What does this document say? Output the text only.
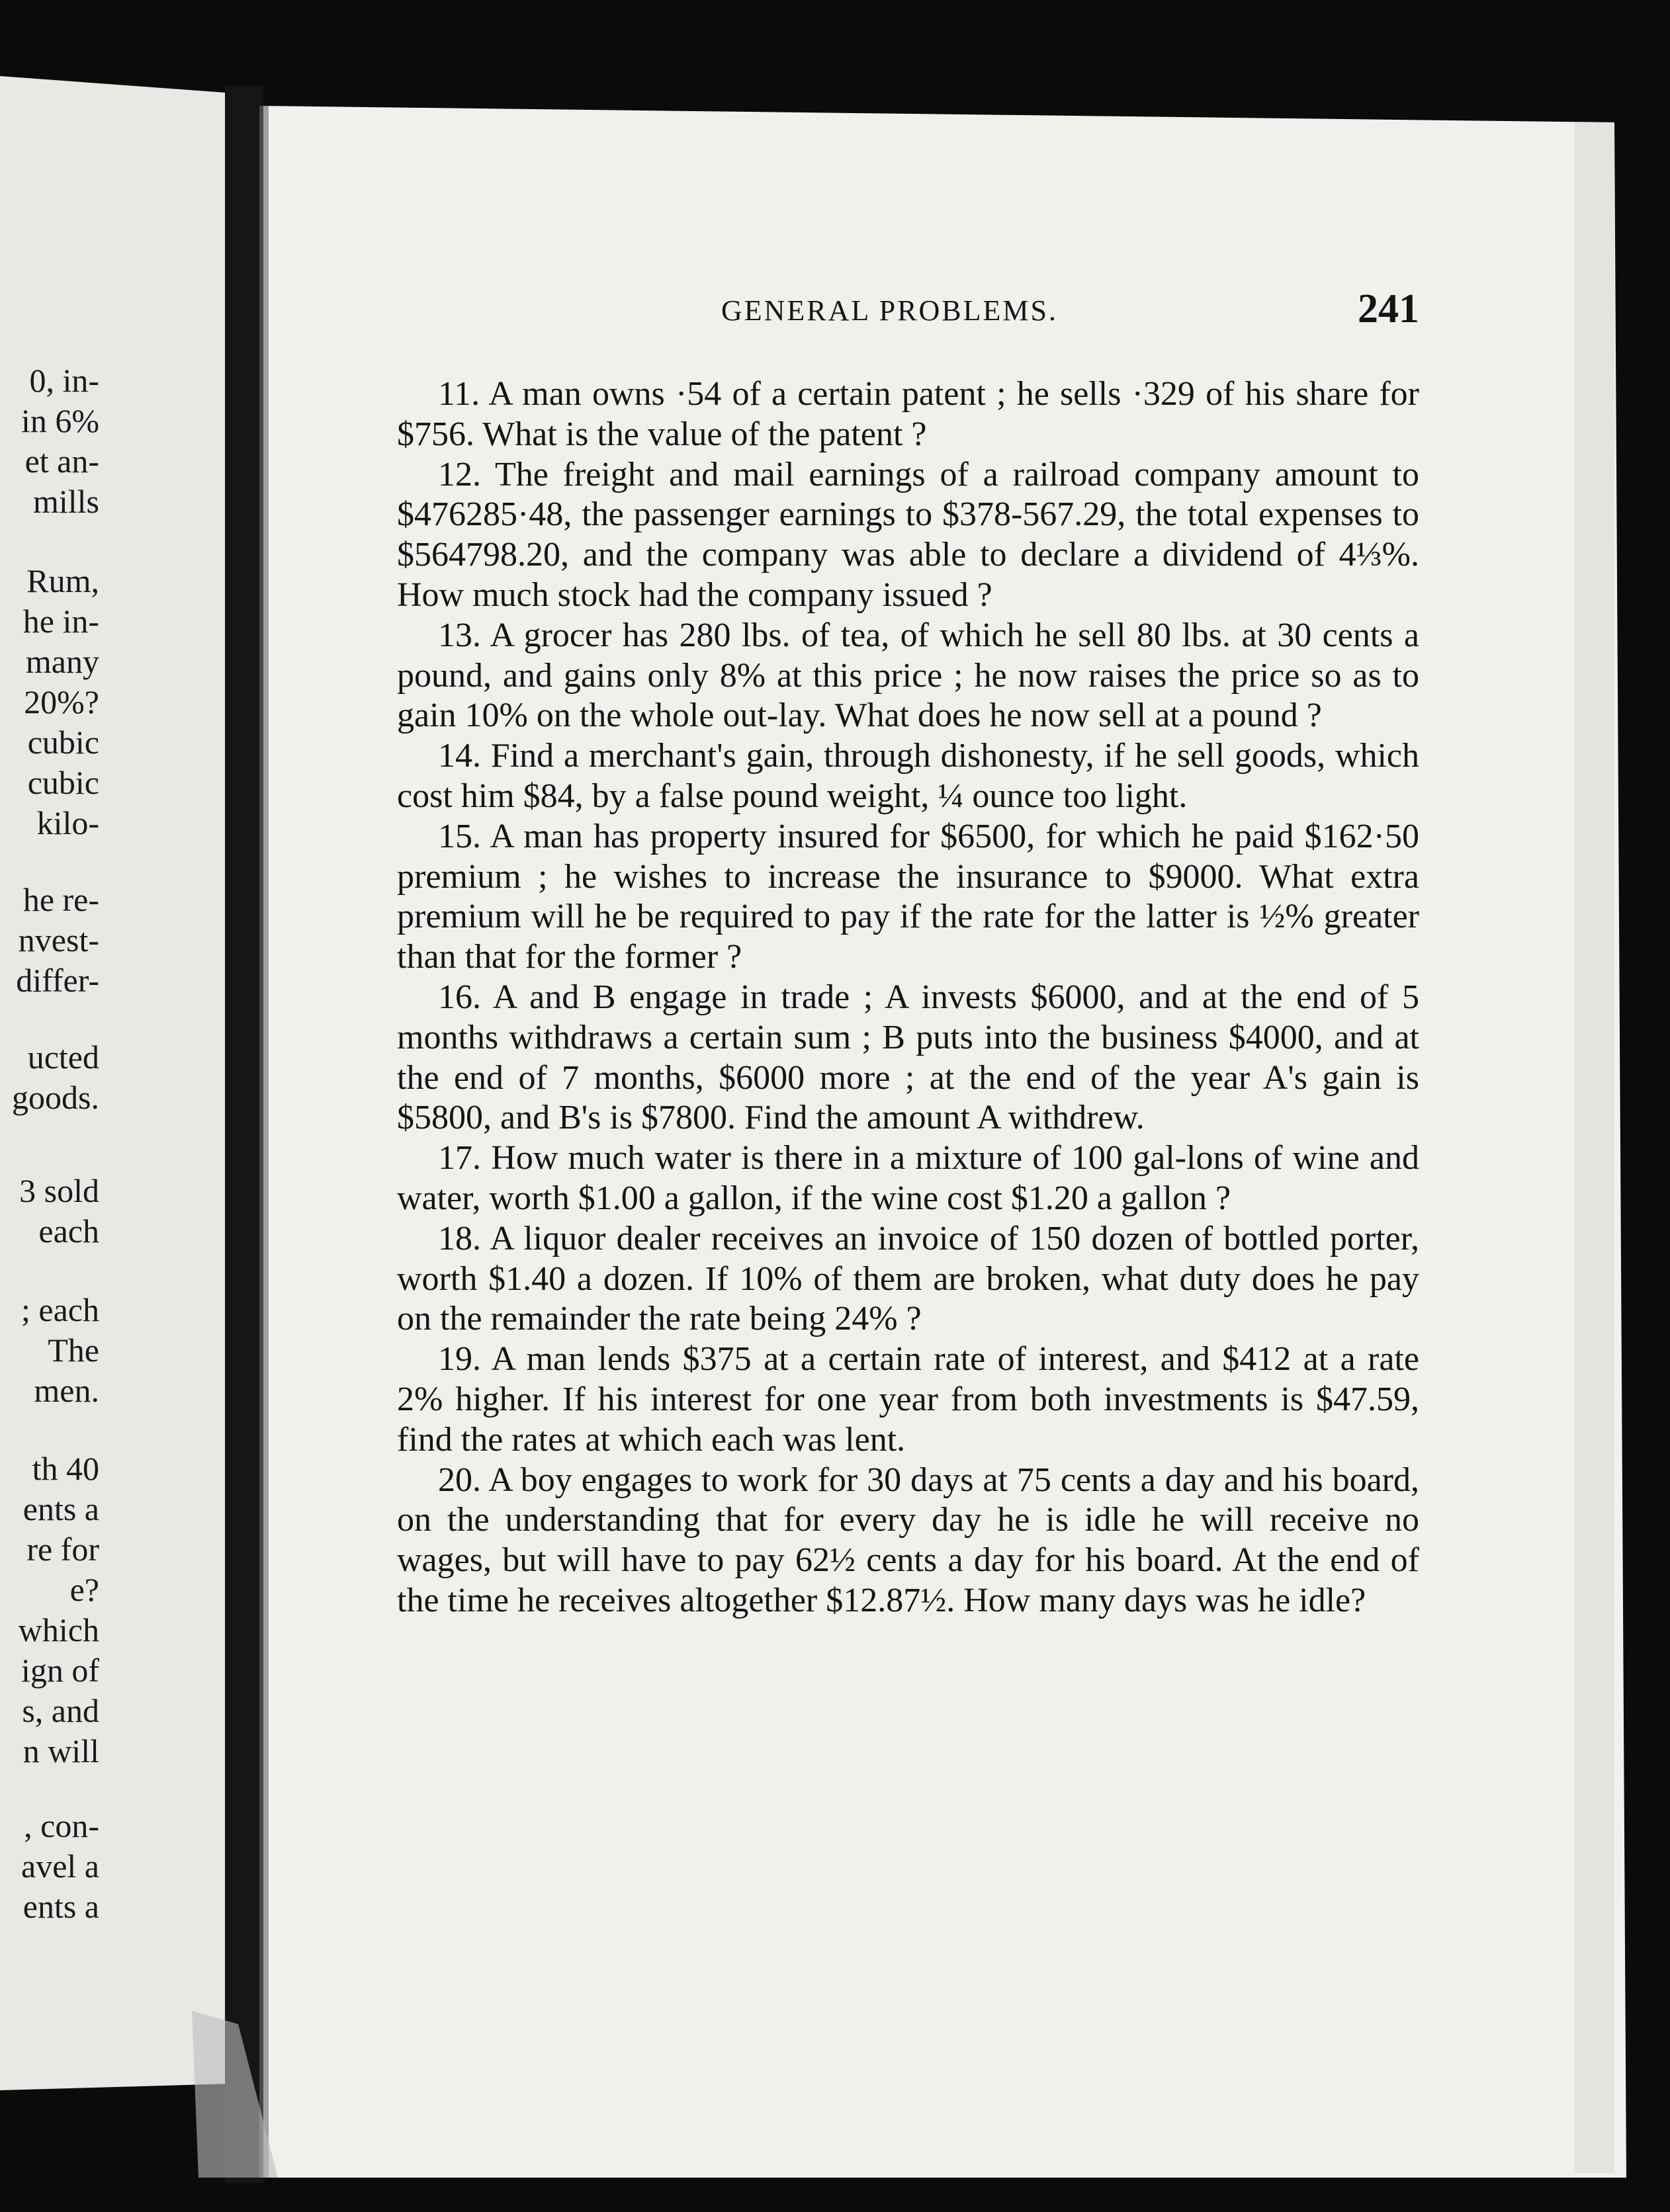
0, in-
in 6%
et an-
mills
Rum,
he in-
many
20%?
cubic
cubic
kilo-
he re-
nvest-
differ-
ucted
goods.
3 sold
each
; each
The
men.
th 40
ents a
re for
e?
which
ign of
s, and
n will
, con-
avel a
ents a
GENERAL PROBLEMS.	241

11. A man owns ·54 of a certain patent ; he sells ·329 of his share for $756. What is the value of the patent ?

12. The freight and mail earnings of a railroad company amount to $476285·48, the passenger earnings to $378-567.29, the total expenses to $564798.20, and the company was able to declare a dividend of 4⅓%. How much stock had the company issued ?

13. A grocer has 280 lbs. of tea, of which he sell 80 lbs. at 30 cents a pound, and gains only 8% at this price ; he now raises the price so as to gain 10% on the whole out-lay. What does he now sell at a pound ?

14. Find a merchant's gain, through dishonesty, if he sell goods, which cost him $84, by a false pound weight, ¼ ounce too light.

15. A man has property insured for $6500, for which he paid $162·50 premium ; he wishes to increase the insurance to $9000. What extra premium will he be required to pay if the rate for the latter is ½% greater than that for the former ?

16. A and B engage in trade ; A invests $6000, and at the end of 5 months withdraws a certain sum ; B puts into the business $4000, and at the end of 7 months, $6000 more ; at the end of the year A's gain is $5800, and B's is $7800. Find the amount A withdrew.

17. How much water is there in a mixture of 100 gal-lons of wine and water, worth $1.00 a gallon, if the wine cost $1.20 a gallon ?

18. A liquor dealer receives an invoice of 150 dozen of bottled porter, worth $1.40 a dozen. If 10% of them are broken, what duty does he pay on the remainder the rate being 24% ?

19. A man lends $375 at a certain rate of interest, and $412 at a rate 2% higher. If his interest for one year from both investments is $47.59, find the rates at which each was lent.

20. A boy engages to work for 30 days at 75 cents a day and his board, on the understanding that for every day he is idle he will receive no wages, but will have to pay 62½ cents a day for his board. At the end of the time he receives altogether $12.87½. How many days was he idle?
